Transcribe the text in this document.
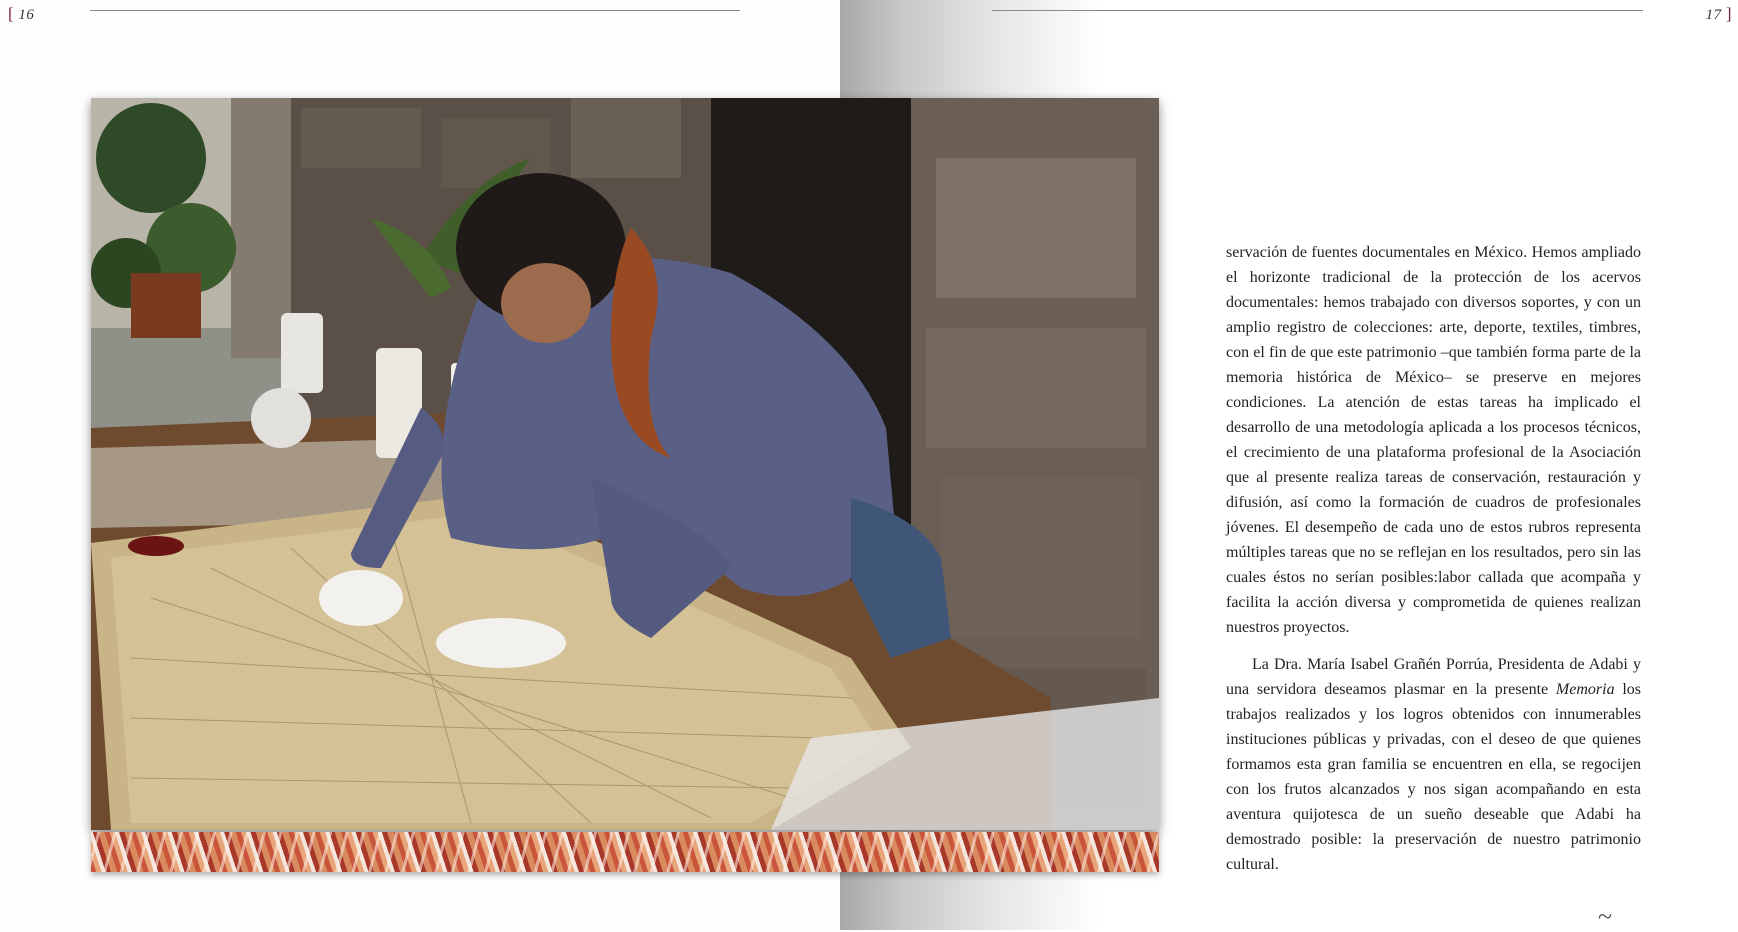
[ 16	17 ]

servación de fuentes documentales en México. Hemos ampliado el horizonte tradicional de la protección de los acervos documentales: hemos trabajado con diversos soportes, y con un amplio registro de colecciones: arte, deporte, textiles, timbres, con el fin de que este patrimonio –que también forma parte de la memoria histórica de México– se preserve en mejores condiciones. La atención de estas tareas ha implicado el desarrollo de una metodología aplicada a los procesos técnicos, el crecimiento de una plataforma profesional de la Asociación que al presente realiza tareas de conservación, restauración y difusión, así como la formación de cuadros de profesionales jóvenes. El desempeño de cada uno de estos rubros representa múltiples tareas que no se reflejan en los resultados, pero sin las cuales éstos no serían posibles:labor callada que acompaña y facilita la acción diversa y comprometida de quienes realizan nuestros proyectos.

La Dra. María Isabel Grañén Porrúa, Presidenta de Adabi y una servidora deseamos plasmar en la presente Memoria los trabajos realizados y los logros obtenidos con innumerables instituciones públicas y privadas, con el deseo de que quienes formamos esta gran familia se encuentren en ella, se regocijen con los frutos alcanzados y nos sigan acompañando en esta aventura quijotesca de un sueño deseable que Adabi ha demostrado posible: la preservación de nuestro patrimonio cultural.

~
